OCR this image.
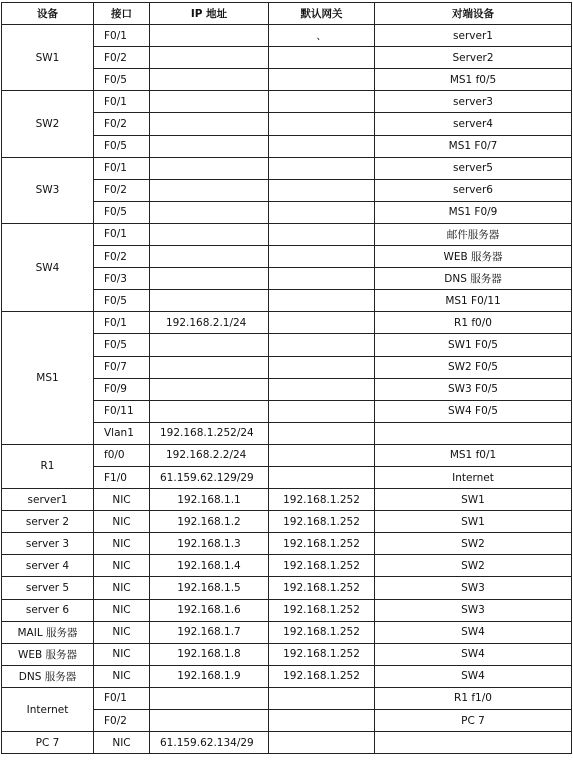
设备	接口	IP 地址	默认网关	对端设备
SW1	F0/1		、	server1
	F0/2			Server2
	F0/5			MS1 f0/5
SW2	F0/1			server3
	F0/2			server4
	F0/5			MS1 F0/7
SW3	F0/1			server5
	F0/2			server6
	F0/5			MS1 F0/9
SW4	F0/1			邮件服务器
	F0/2			WEB 服务器
	F0/3			DNS 服务器
	F0/5			MS1 F0/11
MS1	F0/1	192.168.2.1/24		R1 f0/0
	F0/5			SW1 F0/5
	F0/7			SW2 F0/5
	F0/9			SW3 F0/5
	F0/11			SW4 F0/5
	Vlan1	192.168.1.252/24		
R1	f0/0	192.168.2.2/24		MS1 f0/1
	F1/0	61.159.62.129/29		Internet
server1	NIC	192.168.1.1	192.168.1.252	SW1
server 2	NIC	192.168.1.2	192.168.1.252	SW1
server 3	NIC	192.168.1.3	192.168.1.252	SW2
server 4	NIC	192.168.1.4	192.168.1.252	SW2
server 5	NIC	192.168.1.5	192.168.1.252	SW3
server 6	NIC	192.168.1.6	192.168.1.252	SW3
MAIL 服务器	NIC	192.168.1.7	192.168.1.252	SW4
WEB 服务器	NIC	192.168.1.8	192.168.1.252	SW4
DNS 服务器	NIC	192.168.1.9	192.168.1.252	SW4
Internet	F0/1			R1 f1/0
	F0/2			PC 7
PC 7	NIC	61.159.62.134/29		
